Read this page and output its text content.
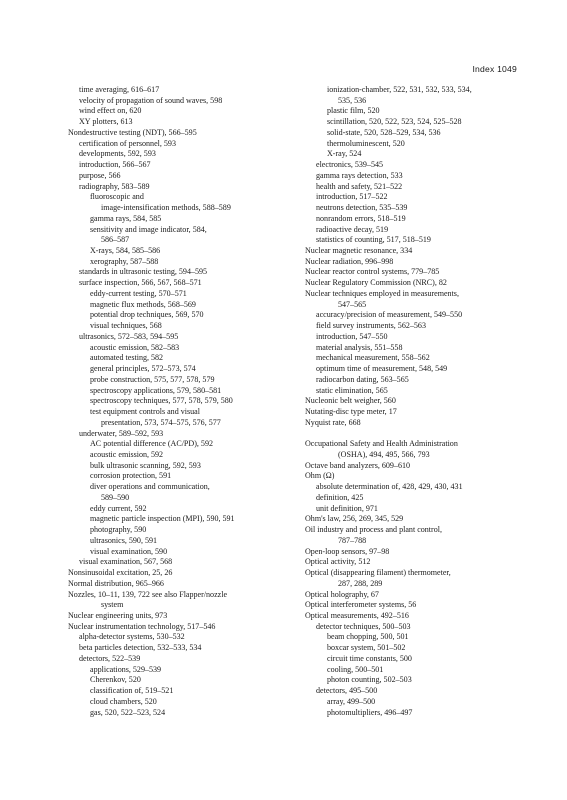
Index 1049
time averaging, 616–617
velocity of propagation of sound waves, 598
wind effect on, 620
XY plotters, 613
Nondestructive testing (NDT), 566–595
certification of personnel, 593
developments, 592, 593
introduction, 566–567
purpose, 566
radiography, 583–589
fluoroscopic and
image-intensification methods, 588–589
gamma rays, 584, 585
sensitivity and image indicator, 584,
586–587
X-rays, 584, 585–586
xerography, 587–588
standards in ultrasonic testing, 594–595
surface inspection, 566, 567, 568–571
eddy-current testing, 570–571
magnetic flux methods, 568–569
potential drop techniques, 569, 570
visual techniques, 568
ultrasonics, 572–583, 594–595
acoustic emission, 582–583
automated testing, 582
general principles, 572–573, 574
probe construction, 575, 577, 578, 579
spectroscopy applications, 579, 580–581
spectroscopy techniques, 577, 578, 579, 580
test equipment controls and visual
presentation, 573, 574–575, 576, 577
underwater, 589–592, 593
AC potential difference (AC/PD), 592
acoustic emission, 592
bulk ultrasonic scanning, 592, 593
corrosion protection, 591
diver operations and communication,
589–590
eddy current, 592
magnetic particle inspection (MPI), 590, 591
photography, 590
ultrasonics, 590, 591
visual examination, 590
visual examination, 567, 568
Nonsinusoidal excitation, 25, 26
Normal distribution, 965–966
Nozzles, 10–11, 139, 722 see also Flapper/nozzle
system
Nuclear engineering units, 973
Nuclear instrumentation technology, 517–546
alpha-detector systems, 530–532
beta particles detection, 532–533, 534
detectors, 522–539
applications, 529–539
Cherenkov, 520
classification of, 519–521
cloud chambers, 520
gas, 520, 522–523, 524
ionization-chamber, 522, 531, 532, 533, 534,
535, 536
plastic film, 520
scintillation, 520, 522, 523, 524, 525–528
solid-state, 520, 528–529, 534, 536
thermoluminescent, 520
X-ray, 524
electronics, 539–545
gamma rays detection, 533
health and safety, 521–522
introduction, 517–522
neutrons detection, 535–539
nonrandom errors, 518–519
radioactive decay, 519
statistics of counting, 517, 518–519
Nuclear magnetic resonance, 334
Nuclear radiation, 996–998
Nuclear reactor control systems, 779–785
Nuclear Regulatory Commission (NRC), 82
Nuclear techniques employed in measurements,
547–565
accuracy/precision of measurement, 549–550
field survey instruments, 562–563
introduction, 547–550
material analysis, 551–558
mechanical measurement, 558–562
optimum time of measurement, 548, 549
radiocarbon dating, 563–565
static elimination, 565
Nucleonic belt weigher, 560
Nutating-disc type meter, 17
Nyquist rate, 668
Occupational Safety and Health Administration
(OSHA), 494, 495, 566, 793
Octave band analyzers, 609–610
Ohm (Ω)
absolute determination of, 428, 429, 430, 431
definition, 425
unit definition, 971
Ohm's law, 256, 269, 345, 529
Oil industry and process and plant control,
787–788
Open-loop sensors, 97–98
Optical activity, 512
Optical (disappearing filament) thermometer,
287, 288, 289
Optical holography, 67
Optical interferometer systems, 56
Optical measurements, 492–516
detector techniques, 500–503
beam chopping, 500, 501
boxcar system, 501–502
circuit time constants, 500
cooling, 500–501
photon counting, 502–503
detectors, 495–500
array, 499–500
photomultipliers, 496–497
